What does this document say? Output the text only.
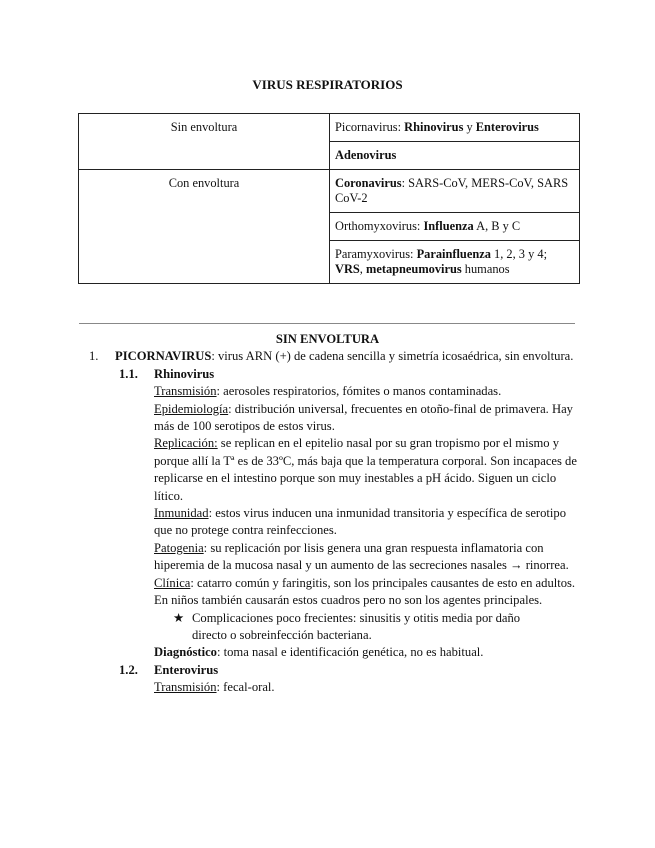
VIRUS RESPIRATORIOS
Sin envoltura	Picornavirus: Rhinovirus y Enterovirus
	Adenovirus
Con envoltura	Coronavirus: SARS-CoV, MERS-CoV, SARS CoV-2
	Orthomyxovirus: Influenza A, B y C
	Paramyxovirus: Parainfluenza 1, 2, 3 y 4; VRS, metapneumovirus humanos
SIN ENVOLTURA
1. PICORNAVIRUS: virus ARN (+) de cadena sencilla y simetría icosaédrica, sin envoltura.
1.1. Rhinovirus
Transmisión: aerosoles respiratorios, fómites o manos contaminadas.
Epidemiología: distribución universal, frecuentes en otoño-final de primavera. Hay más de 100 serotipos de estos virus.
Replicación: se replican en el epitelio nasal por su gran tropismo por el mismo y porque allí la Tª es de 33ºC, más baja que la temperatura corporal. Son incapaces de replicarse en el intestino porque son muy inestables a pH ácido. Siguen un ciclo lítico.
Inmunidad: estos virus inducen una inmunidad transitoria y específica de serotipo que no protege contra reinfecciones.
Patogenia: su replicación por lisis genera una gran respuesta inflamatoria con hiperemia de la mucosa nasal y un aumento de las secreciones nasales → rinorrea.
Clínica: catarro común y faringitis, son los principales causantes de esto en adultos. En niños también causarán estos cuadros pero no son los agentes principales.
★ Complicaciones poco frecientes: sinusitis y otitis media por daño directo o sobreinfección bacteriana.
Diagnóstico: toma nasal e identificación genética, no es habitual.
1.2. Enterovirus
Transmisión: fecal-oral.
